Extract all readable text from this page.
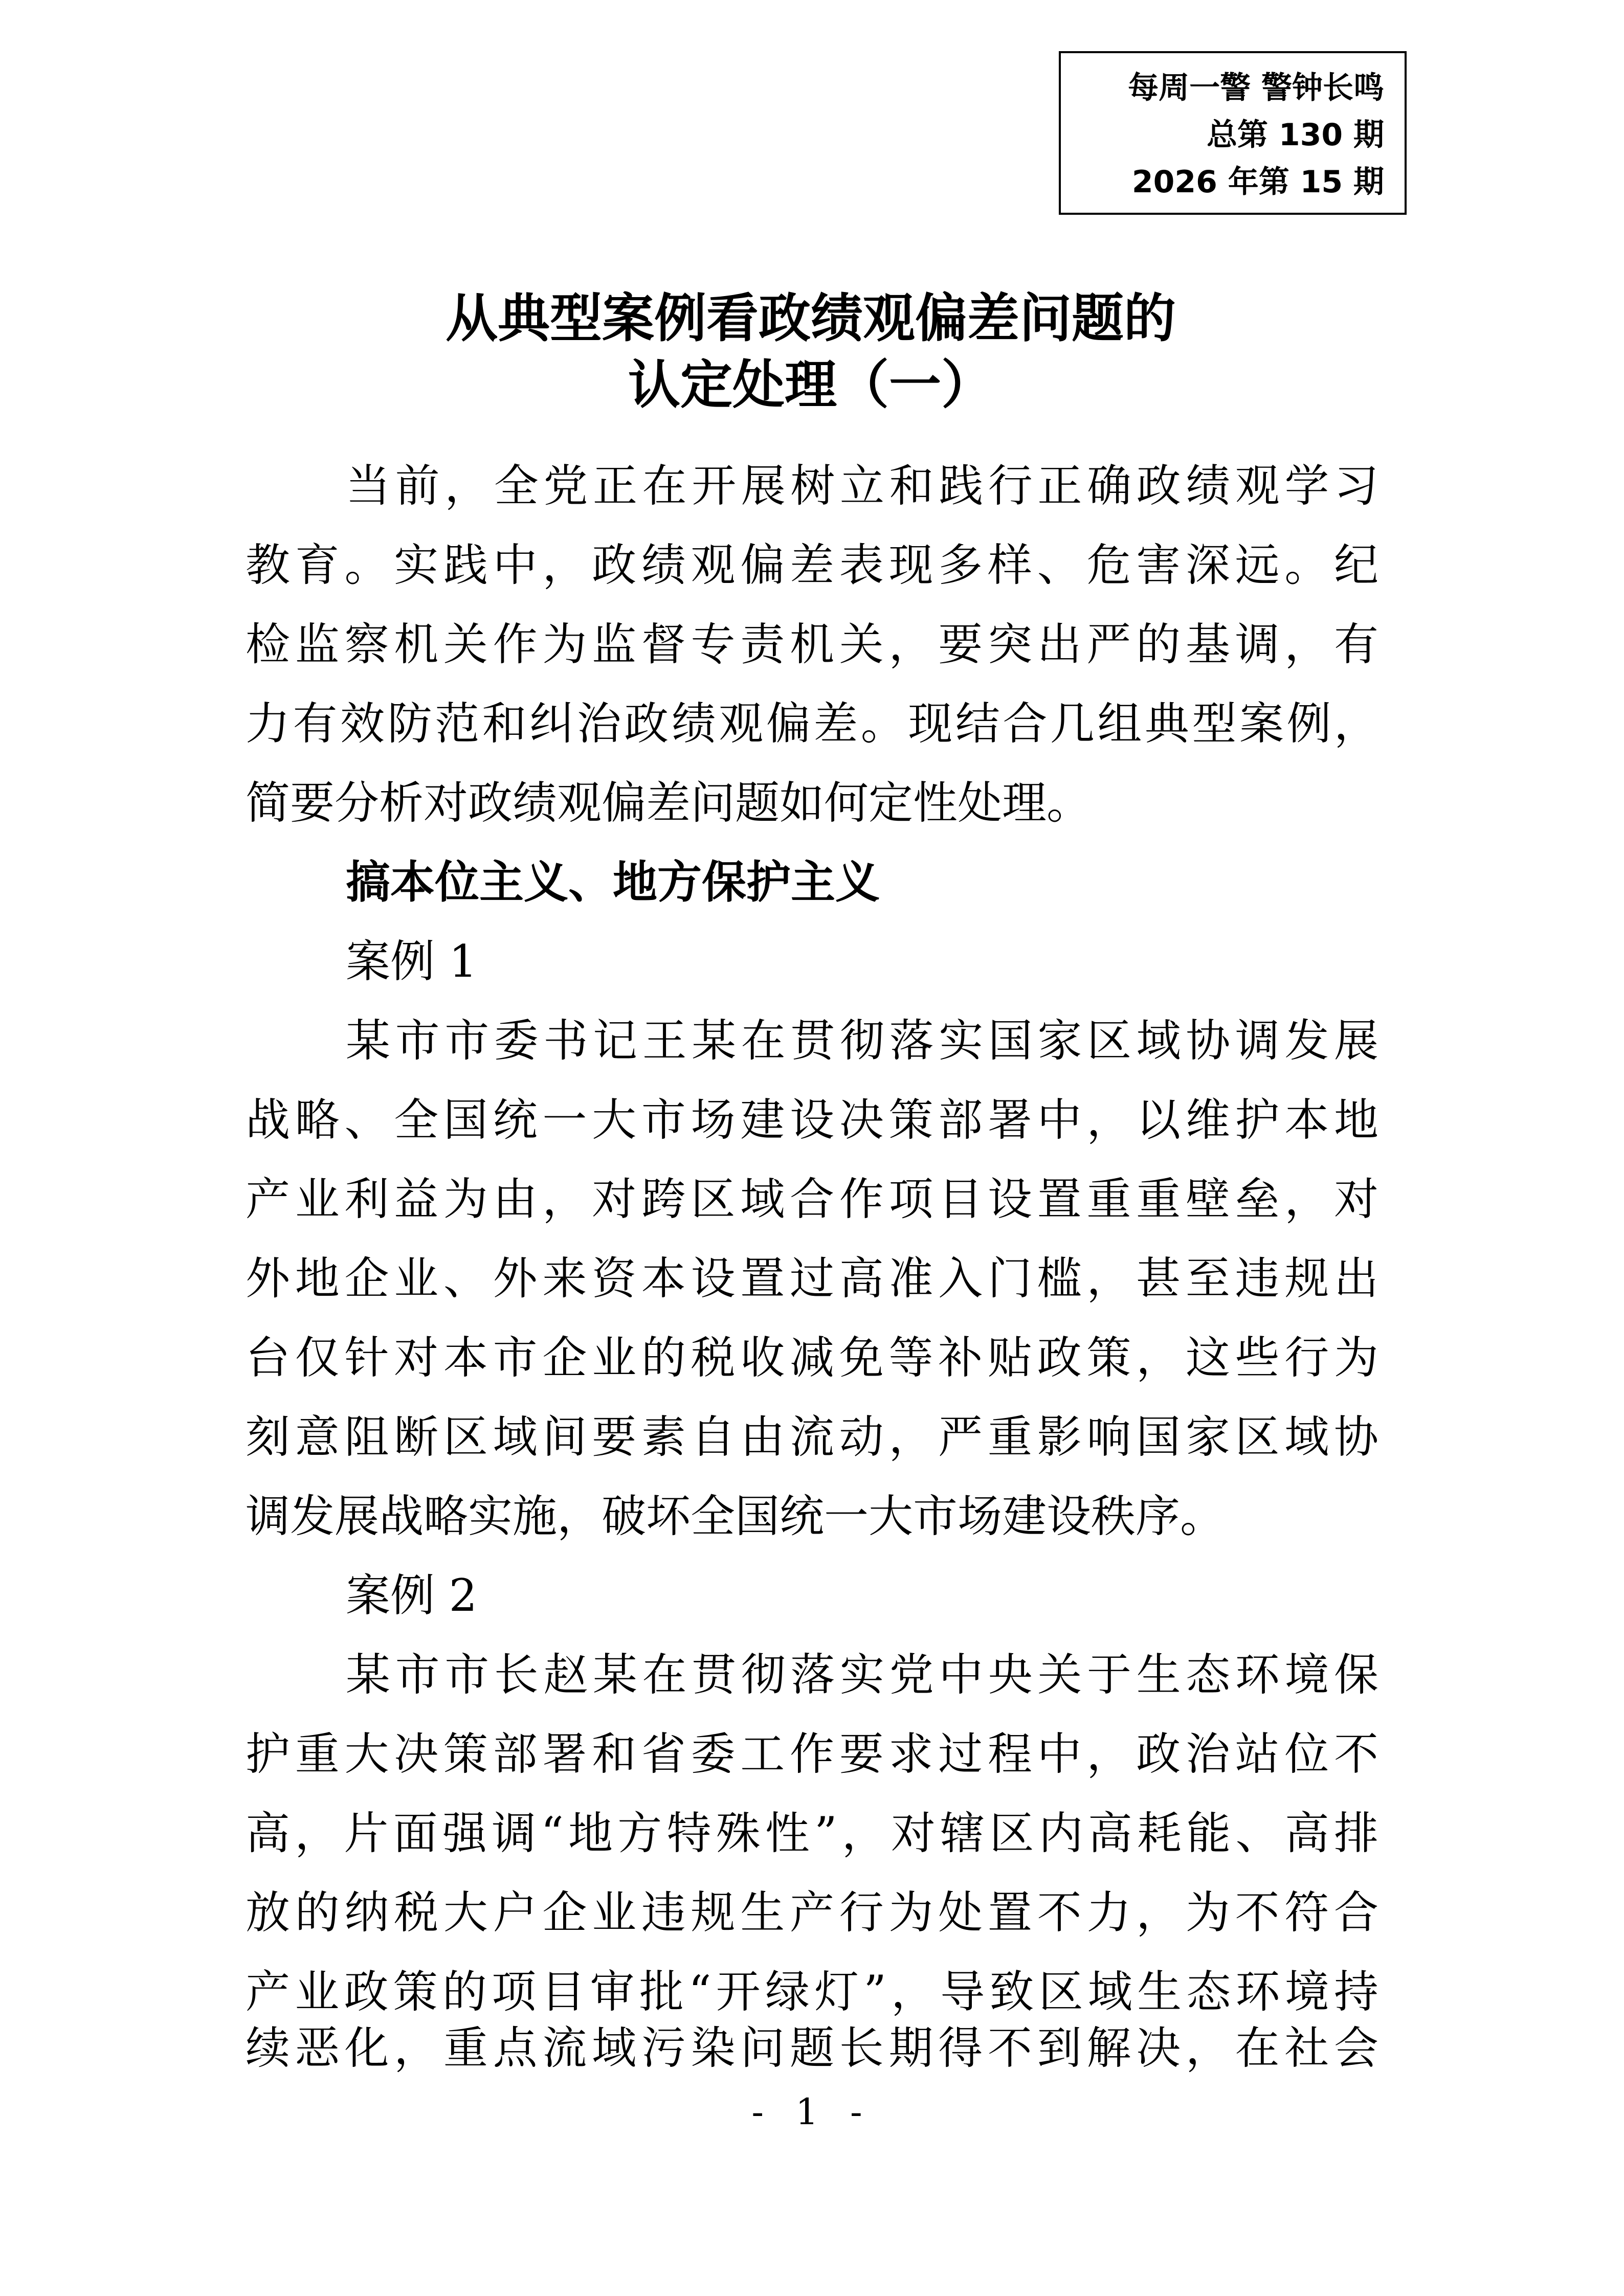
每周一警 警钟长鸣
总第 130 期
2026 年第 15 期
从典型案例看政绩观偏差问题的
认定处理（一）
当前，全党正在开展树立和践行正确政绩观学习
教育。实践中，政绩观偏差表现多样、危害深远。纪
检监察机关作为监督专责机关，要突出严的基调，有
力有效防范和纠治政绩观偏差。现结合几组典型案例，
简要分析对政绩观偏差问题如何定性处理。
搞本位主义、地方保护主义
案例 1
某市市委书记王某在贯彻落实国家区域协调发展
战略、全国统一大市场建设决策部署中，以维护本地
产业利益为由，对跨区域合作项目设置重重壁垒，对
外地企业、外来资本设置过高准入门槛，甚至违规出
台仅针对本市企业的税收减免等补贴政策，这些行为
刻意阻断区域间要素自由流动，严重影响国家区域协
调发展战略实施，破坏全国统一大市场建设秩序。
案例 2
某市市长赵某在贯彻落实党中央关于生态环境保
护重大决策部署和省委工作要求过程中，政治站位不
高，片面强调“地方特殊性”，对辖区内高耗能、高排
放的纳税大户企业违规生产行为处置不力，为不符合
产业政策的项目审批“开绿灯”，导致区域生态环境持
续恶化，重点流域污染问题长期得不到解决，在社会
- 1 -
